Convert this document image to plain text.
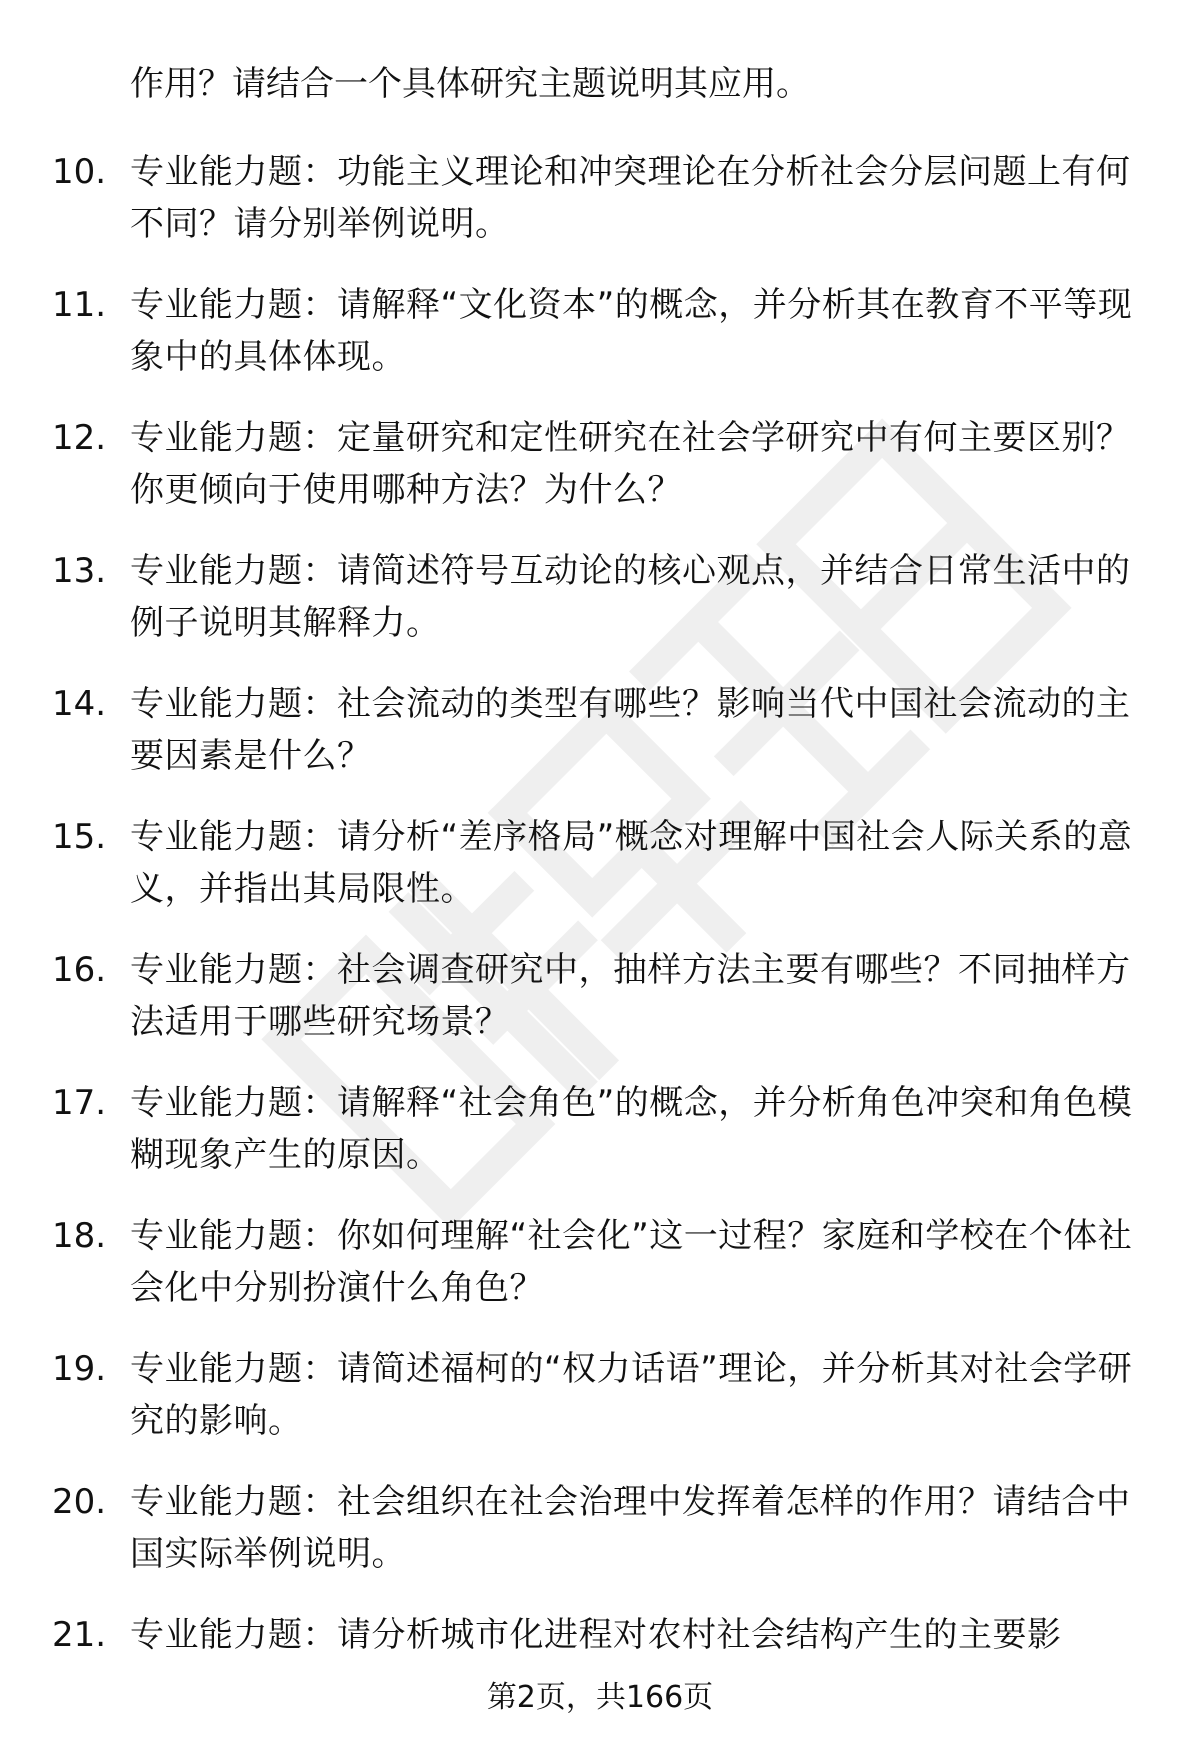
作用？请结合一个具体研究主题说明其应用。

10. 专业能力题：功能主义理论和冲突理论在分析社会分层问题上有何不同？请分别举例说明。

11. 专业能力题：请解释“文化资本”的概念，并分析其在教育不平等现象中的具体体现。

12. 专业能力题：定量研究和定性研究在社会学研究中有何主要区别？你更倾向于使用哪种方法？为什么？

13. 专业能力题：请简述符号互动论的核心观点，并结合日常生活中的例子说明其解释力。

14. 专业能力题：社会流动的类型有哪些？影响当代中国社会流动的主要因素是什么？

15. 专业能力题：请分析“差序格局”概念对理解中国社会人际关系的意义，并指出其局限性。

16. 专业能力题：社会调查研究中，抽样方法主要有哪些？不同抽样方法适用于哪些研究场景？

17. 专业能力题：请解释“社会角色”的概念，并分析角色冲突和角色模糊现象产生的原因。

18. 专业能力题：你如何理解“社会化”这一过程？家庭和学校在个体社会化中分别扮演什么角色？

19. 专业能力题：请简述福柯的“权力话语”理论，并分析其对社会学研究的影响。

20. 专业能力题：社会组织在社会治理中发挥着怎样的作用？请结合中国实际举例说明。

21. 专业能力题：请分析城市化进程对农村社会结构产生的主要影

第2页，共166页
